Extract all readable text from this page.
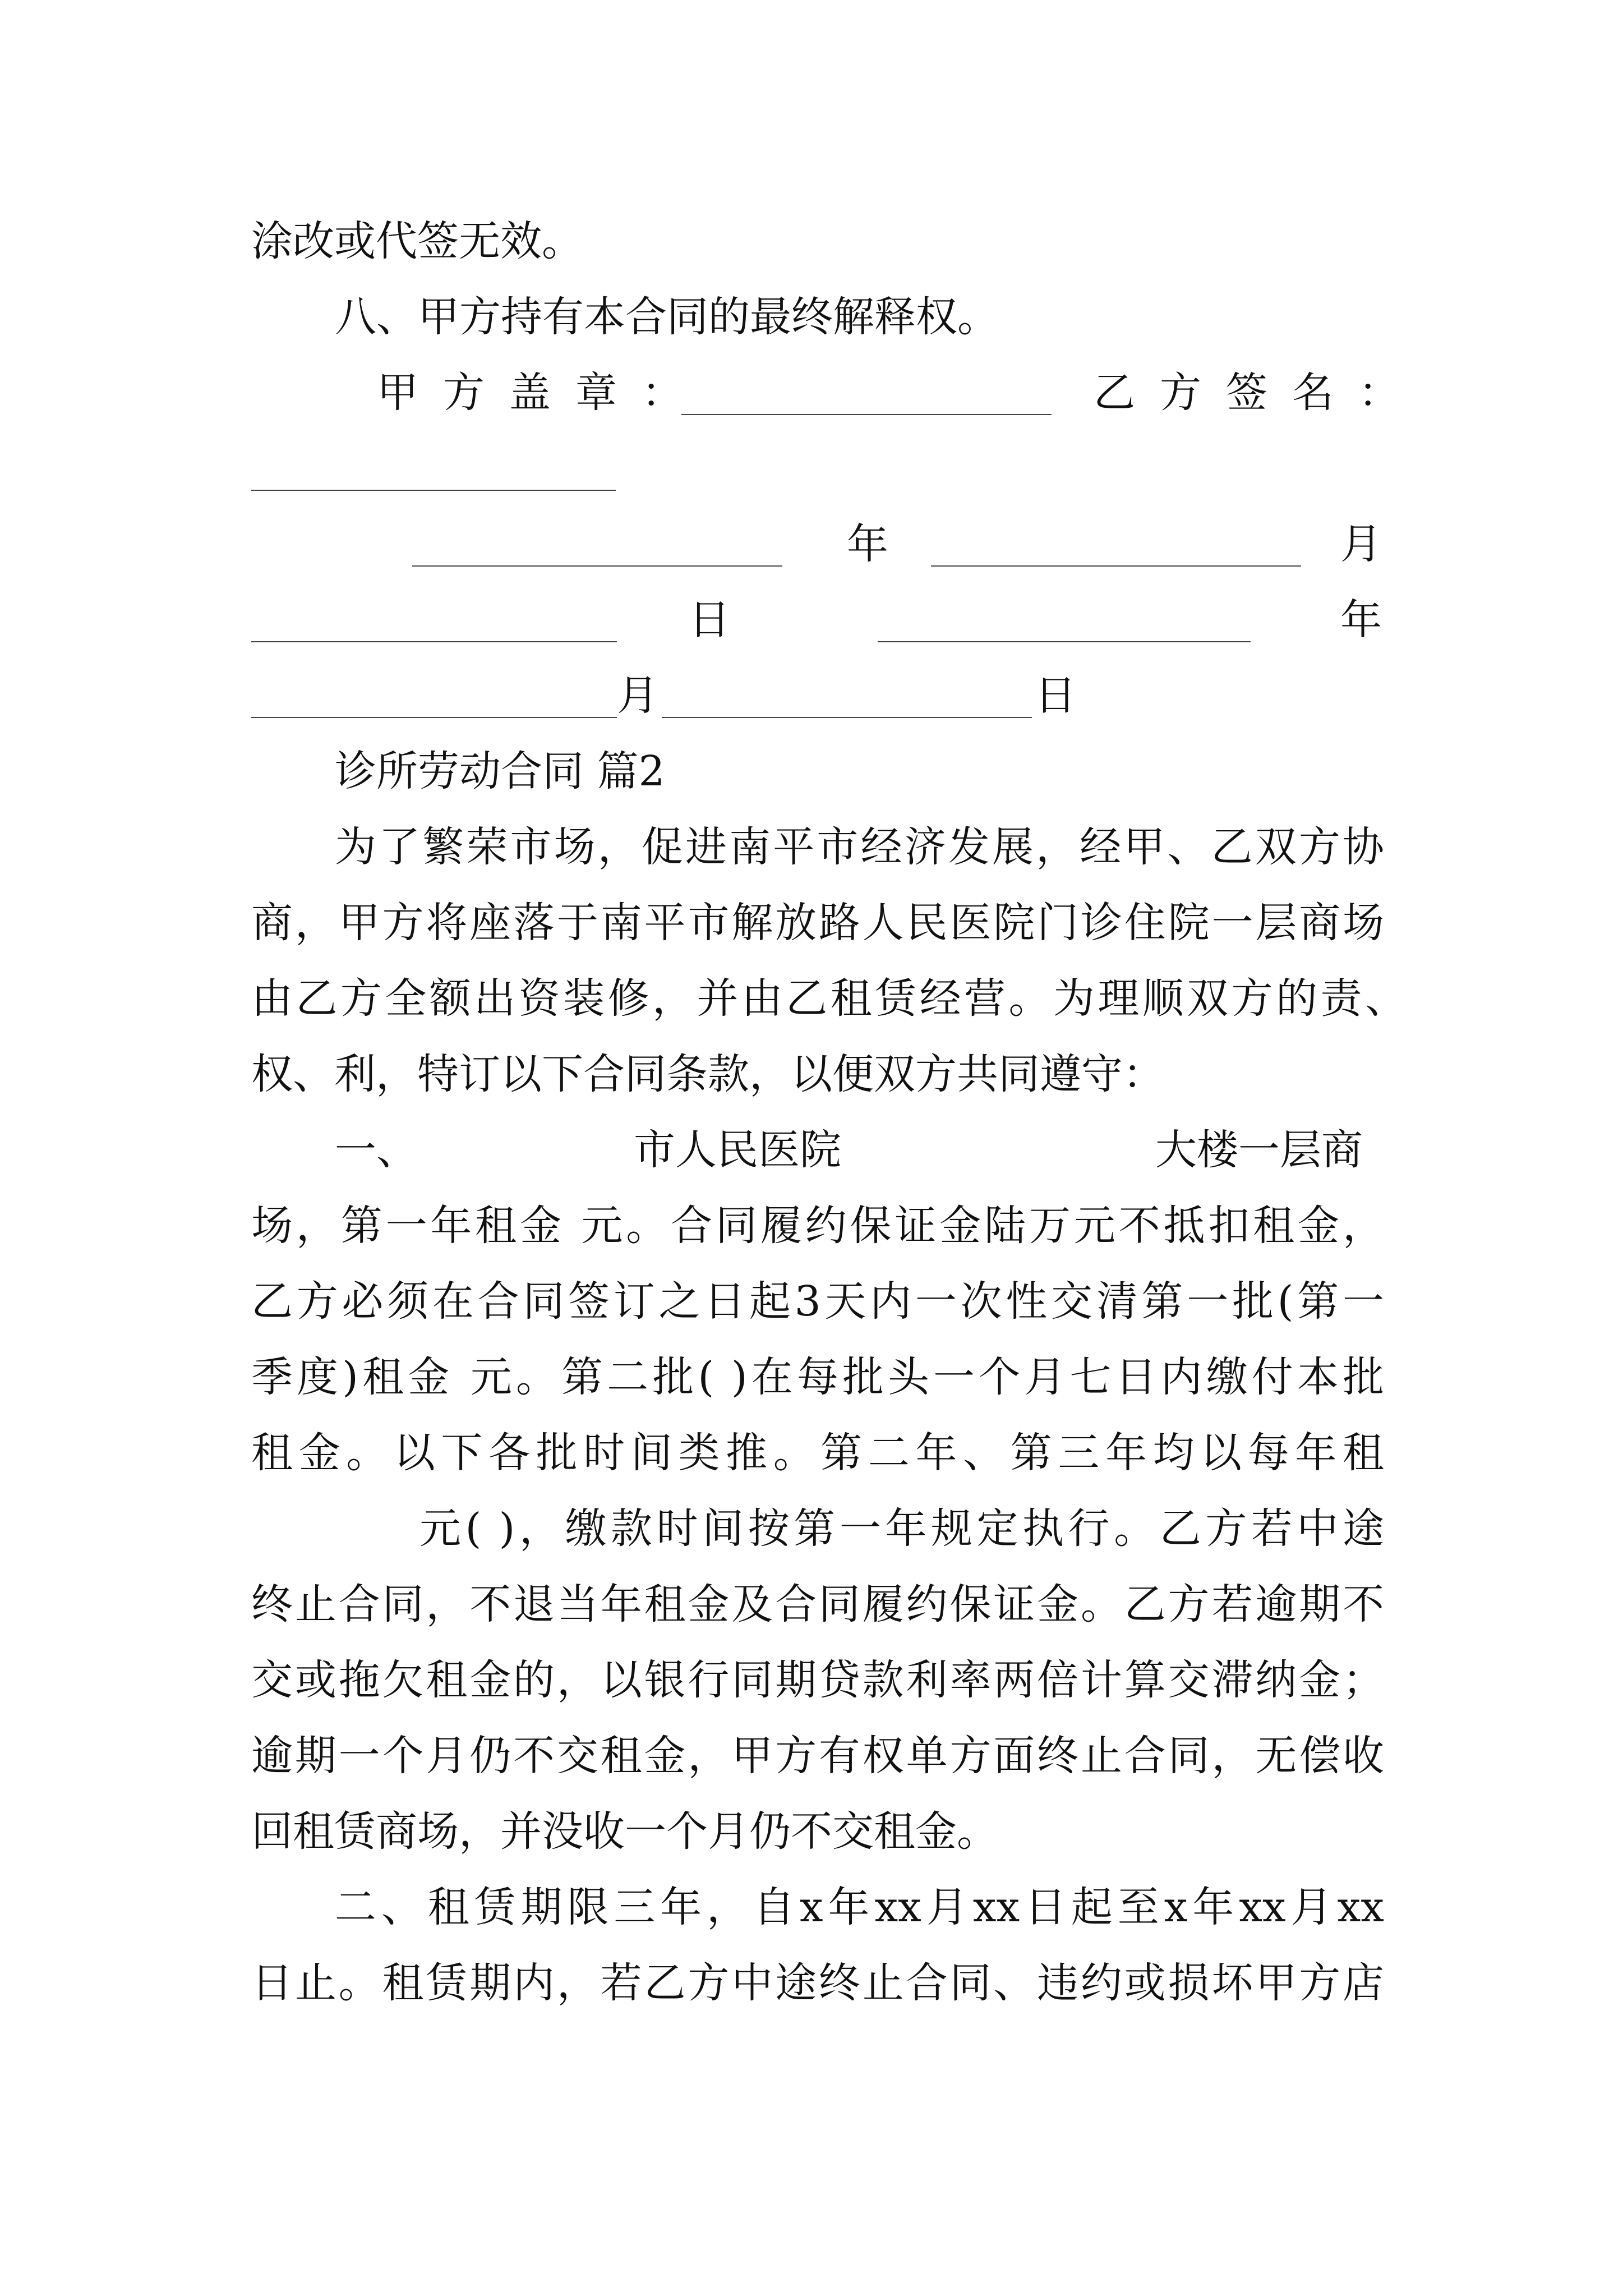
涂改或代签无效。
八、甲方持有本合同的最终解释权。
甲方盖章：	乙方签名：
年	月
日	年
月	日
诊所劳动合同 篇2
为了繁荣市场，促进南平市经济发展，经甲、乙双方协
商，甲方将座落于南平市解放路人民医院门诊住院一层商场
由乙方全额出资装修，并由乙租赁经营。为理顺双方的责、
权、利，特订以下合同条款，以便双方共同遵守：
一、	市人民医院	大楼一层商
场，第一年租金 元。合同履约保证金陆万元不抵扣租金，
乙方必须在合同签订之日起3天内一次性交清第一批(第一
季度)租金 元。第二批( )在每批头一个月七日内缴付本批
租金。以下各批时间类推。第二年、第三年均以每年租
元( )，缴款时间按第一年规定执行。乙方若中途
终止合同，不退当年租金及合同履约保证金。乙方若逾期不
交或拖欠租金的，以银行同期贷款利率两倍计算交滞纳金；
逾期一个月仍不交租金，甲方有权单方面终止合同，无偿收
回租赁商场，并没收一个月仍不交租金。
二、租赁期限三年，自x年xx月xx日起至x年xx月xx
日止。租赁期内，若乙方中途终止合同、违约或损坏甲方店
